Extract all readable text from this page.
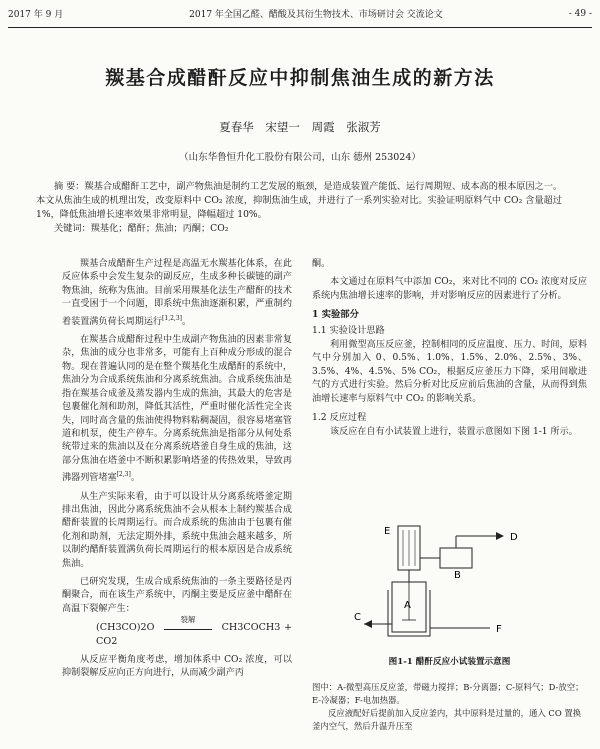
2017 年 9 月	2017 年全国乙醛、醋酸及其衍生物技术、市场研讨会 交流论文	- 49 -
羰基合成醋酐反应中抑制焦油生成的新方法
夏春华 宋望一 周霞 张淑芳
（山东华鲁恒升化工股份有限公司，山东 德州 253024）

摘 要：羰基合成醋酐工艺中，副产物焦油是制约工艺发展的瓶颈，是造成装置产能低、运行周期短、成本高的根本原因之一。本文从焦油生成的机理出发，改变原料中 CO₂ 浓度，抑制焦油生成，并进行了一系列实验对比。实验证明原料气中 CO₂ 含量超过 1%，降低焦油增长速率效果非常明显，降幅超过 10%。

关键词：羰基化；醋酐；焦油；丙酮；CO₂

羰基合成醋酐生产过程是高温无水羰基化体系，在此反应体系中会发生复杂的副反应，生成多种长碳链的副产物焦油，统称为焦油。目前采用羰基化法生产醋酐的技术一直受困于一个问题，即系统中焦油逐渐积累，严重制约着装置满负荷长周期运行[1,2,3]。

在羰基合成醋酐过程中生成副产物焦油的因素非常复杂，焦油的成分也非常多，可能有上百种成分形成的混合物。现在普遍认同的是在整个羰基化生成醋酐的系统中，焦油分为合成系统焦油和分离系统焦油。合成系统焦油是指在羰基合成釜及蒸发器内生成的焦油，其最大的危害是包裹催化剂和助剂，降低其活性，严重时催化活性完全丧失，同时高含量的焦油使得物料粘稠凝固，很容易堵塞管道和机泵，使生产停车。分离系统焦油是指部分从何处系统带过来的焦油以及在分离系统塔釜自身生成的焦油，这部分焦油在塔釜中不断积累影响塔釜的传热效果，导致再沸器列管堵塞[2,3]。

从生产实际来看，由于可以设计从分离系统塔釜定期排出焦油，因此分离系统焦油不会从根本上制约羰基合成醋酐装置的长周期运行。而合成系统的焦油由于包裹有催化剂和助剂，无法定期外排，系统中焦油会越来越多，所以制约醋酐装置满负荷长周期运行的根本原因是合成系统焦油。

已研究发现，生成合成系统焦油的一条主要路径是丙酮聚合，而在该生产系统中，丙酮主要是反应釜中醋酐在高温下裂解产生：

(CH3CO)2O
裂解
CH3COCH3 + CO2

从反应平衡角度考虑，增加体系中 CO₂ 浓度，可以抑制裂解反应向正方向进行，从而减少副产丙

酮。

本文通过在原料气中添加 CO₂，来对比不同的 CO₂ 浓度对反应系统内焦油增长速率的影响，并对影响反应的因素进行了分析。

1 实验部分
1.1 实验设计思路

利用微型高压反应釜，控制相同的反应温度、压力、时间，原料气中分别加入 0、0.5%、1.0%、1.5%、2.0%、2.5%、3%、3.5%、4%、4.5%、5% CO₂，根据反应釜压力下降，采用间歇进气的方式进行实验。然后分析对比反应前后焦油的含量，从而得到焦油增长速率与原料气中 CO₂ 的影响关系。

1.2 反应过程

该反应在自有小试装置上进行，装置示意图如下图 1-1 所示。

E
B
D
A
C
F
图1-1 醋酐反应小试装置示意图

图中：A-微型高压反应釜，带磁力搅拌；B-分离器；C-原料气；D-放空；E-冷凝器；F-电加热器。

反应液配好后提前加入反应釜内，其中原料是过量的，通入 CO 置换釜内空气，然后升温升压至
